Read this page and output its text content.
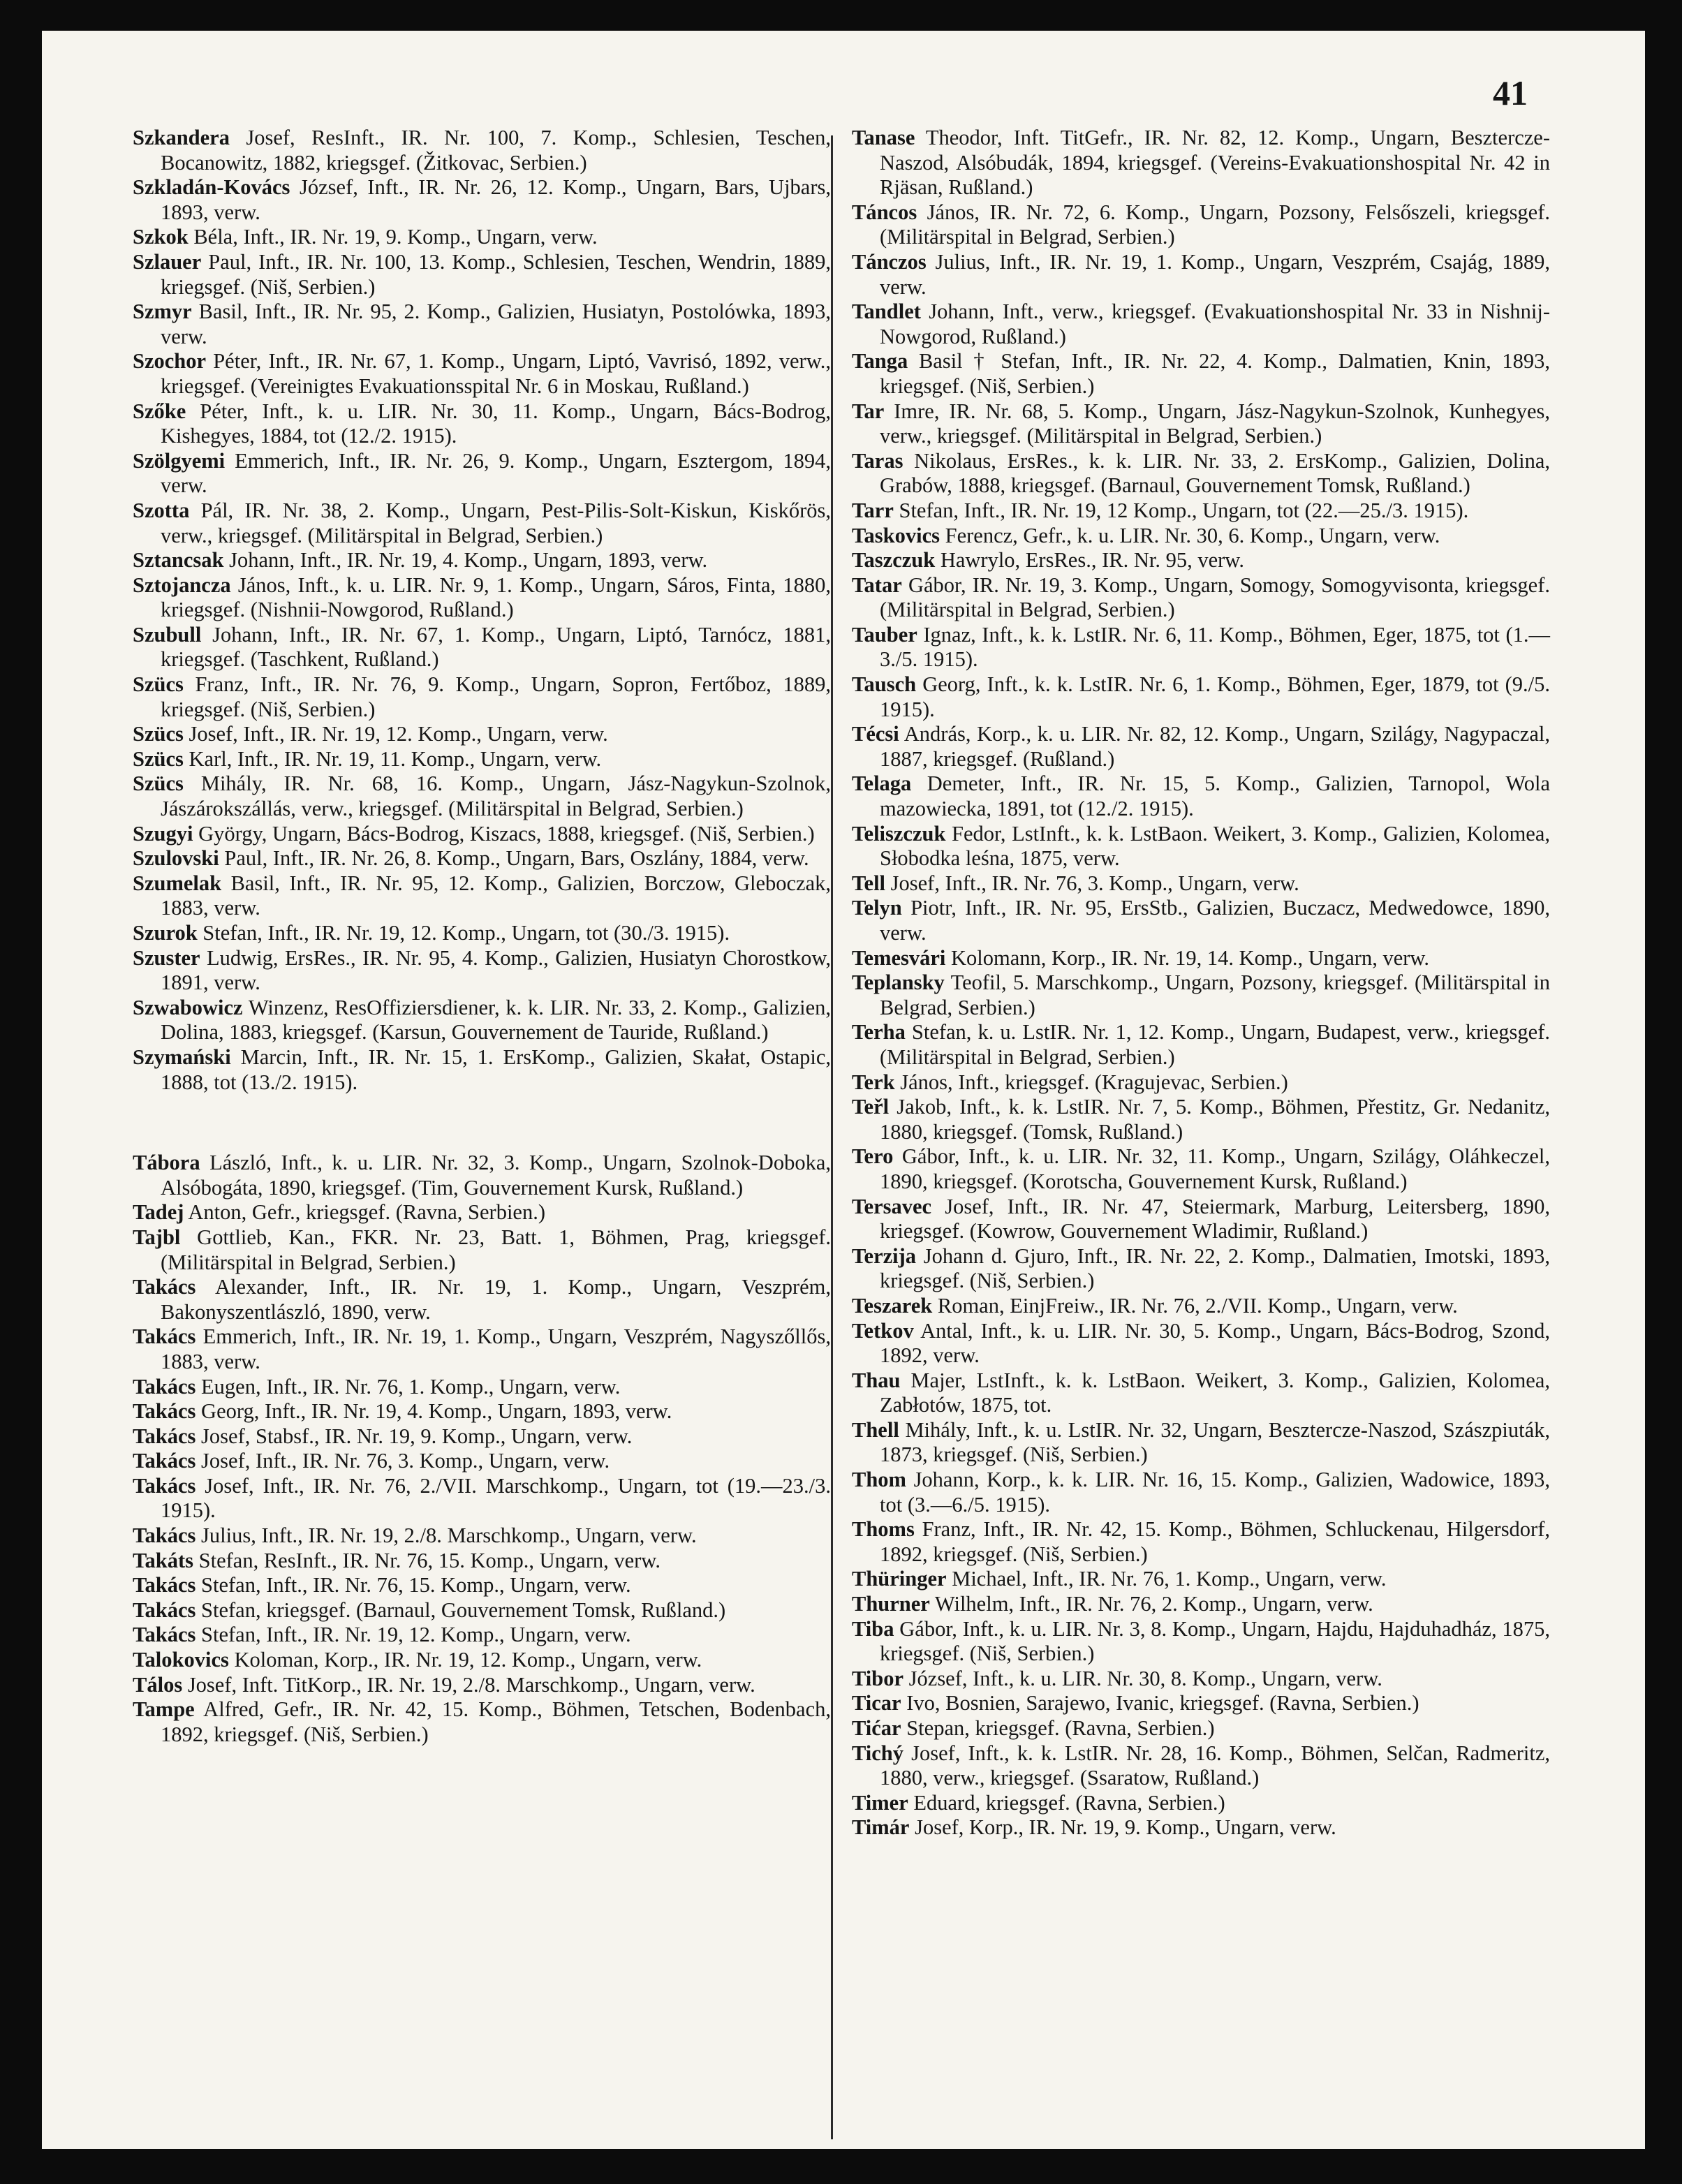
41

Szkandera Josef, ResInft., IR. Nr. 100, 7. Komp., Schlesien, Teschen, Bocanowitz, 1882, kriegsgef. (Žitkovac, Serbien.)

Szkladán-Kovács József, Inft., IR. Nr. 26, 12. Komp., Ungarn, Bars, Ujbars, 1893, verw.

Szkok Béla, Inft., IR. Nr. 19, 9. Komp., Ungarn, verw.

Szlauer Paul, Inft., IR. Nr. 100, 13. Komp., Schlesien, Teschen, Wendrin, 1889, kriegsgef. (Niš, Serbien.)

Szmyr Basil, Inft., IR. Nr. 95, 2. Komp., Galizien, Husiatyn, Postolówka, 1893, verw.

Szochor Péter, Inft., IR. Nr. 67, 1. Komp., Ungarn, Liptó, Vavrisó, 1892, verw., kriegsgef. (Vereinigtes Evakuationsspital Nr. 6 in Moskau, Rußland.)

Szőke Péter, Inft., k. u. LIR. Nr. 30, 11. Komp., Ungarn, Bács-Bodrog, Kishegyes, 1884, tot (12./2. 1915).

Szölgyemi Emmerich, Inft., IR. Nr. 26, 9. Komp., Ungarn, Esztergom, 1894, verw.

Szotta Pál, IR. Nr. 38, 2. Komp., Ungarn, Pest-Pilis-Solt-Kiskun, Kiskőrös, verw., kriegsgef. (Militärspital in Belgrad, Serbien.)

Sztancsak Johann, Inft., IR. Nr. 19, 4. Komp., Ungarn, 1893, verw.

Sztojancza János, Inft., k. u. LIR. Nr. 9, 1. Komp., Ungarn, Sáros, Finta, 1880, kriegsgef. (Nishnii-Nowgorod, Rußland.)

Szubull Johann, Inft., IR. Nr. 67, 1. Komp., Ungarn, Liptó, Tarnócz, 1881, kriegsgef. (Taschkent, Rußland.)

Szücs Franz, Inft., IR. Nr. 76, 9. Komp., Ungarn, Sopron, Fertőboz, 1889, kriegsgef. (Niš, Serbien.)

Szücs Josef, Inft., IR. Nr. 19, 12. Komp., Ungarn, verw.

Szücs Karl, Inft., IR. Nr. 19, 11. Komp., Ungarn, verw.

Szücs Mihály, IR. Nr. 68, 16. Komp., Ungarn, Jász-Nagykun-Szolnok, Jászárokszállás, verw., kriegsgef. (Militärspital in Belgrad, Serbien.)

Szugyi György, Ungarn, Bács-Bodrog, Kiszacs, 1888, kriegsgef. (Niš, Serbien.)

Szulovski Paul, Inft., IR. Nr. 26, 8. Komp., Ungarn, Bars, Oszlány, 1884, verw.

Szumelak Basil, Inft., IR. Nr. 95, 12. Komp., Galizien, Borczow, Gleboczak, 1883, verw.

Szurok Stefan, Inft., IR. Nr. 19, 12. Komp., Ungarn, tot (30./3. 1915).

Szuster Ludwig, ErsRes., IR. Nr. 95, 4. Komp., Galizien, Husiatyn Chorostkow, 1891, verw.

Szwabowicz Winzenz, ResOffiziersdiener, k. k. LIR. Nr. 33, 2. Komp., Galizien, Dolina, 1883, kriegsgef. (Karsun, Gouvernement de Tauride, Rußland.)

Szymański Marcin, Inft., IR. Nr. 15, 1. ErsKomp., Galizien, Skałat, Ostapic, 1888, tot (13./2. 1915).

Tábora László, Inft., k. u. LIR. Nr. 32, 3. Komp., Ungarn, Szolnok-Doboka, Alsóbogáta, 1890, kriegsgef. (Tim, Gouvernement Kursk, Rußland.)

Tadej Anton, Gefr., kriegsgef. (Ravna, Serbien.)

Tajbl Gottlieb, Kan., FKR. Nr. 23, Batt. 1, Böhmen, Prag, kriegsgef. (Militärspital in Belgrad, Serbien.)

Takács Alexander, Inft., IR. Nr. 19, 1. Komp., Ungarn, Veszprém, Bakonyszentlászló, 1890, verw.

Takács Emmerich, Inft., IR. Nr. 19, 1. Komp., Ungarn, Veszprém, Nagyszőllős, 1883, verw.

Takács Eugen, Inft., IR. Nr. 76, 1. Komp., Ungarn, verw.

Takács Georg, Inft., IR. Nr. 19, 4. Komp., Ungarn, 1893, verw.

Takács Josef, Stabsf., IR. Nr. 19, 9. Komp., Ungarn, verw.

Takács Josef, Inft., IR. Nr. 76, 3. Komp., Ungarn, verw.

Takács Josef, Inft., IR. Nr. 76, 2./VII. Marschkomp., Ungarn, tot (19.—23./3. 1915).

Takács Julius, Inft., IR. Nr. 19, 2./8. Marschkomp., Ungarn, verw.

Takáts Stefan, ResInft., IR. Nr. 76, 15. Komp., Ungarn, verw.

Takács Stefan, Inft., IR. Nr. 76, 15. Komp., Ungarn, verw.

Takács Stefan, kriegsgef. (Barnaul, Gouvernement Tomsk, Rußland.)

Takács Stefan, Inft., IR. Nr. 19, 12. Komp., Ungarn, verw.

Talokovics Koloman, Korp., IR. Nr. 19, 12. Komp., Ungarn, verw.

Tálos Josef, Inft. TitKorp., IR. Nr. 19, 2./8. Marschkomp., Ungarn, verw.

Tampe Alfred, Gefr., IR. Nr. 42, 15. Komp., Böhmen, Tetschen, Bodenbach, 1892, kriegsgef. (Niš, Serbien.)

Tanase Theodor, Inft. TitGefr., IR. Nr. 82, 12. Komp., Ungarn, Besztercze-Naszod, Alsóbudák, 1894, kriegsgef. (Vereins-Evakuationshospital Nr. 42 in Rjäsan, Rußland.)

Táncos János, IR. Nr. 72, 6. Komp., Ungarn, Pozsony, Felsőszeli, kriegsgef. (Militärspital in Belgrad, Serbien.)

Tánczos Julius, Inft., IR. Nr. 19, 1. Komp., Ungarn, Veszprém, Csajág, 1889, verw.

Tandlet Johann, Inft., verw., kriegsgef. (Evakuationshospital Nr. 33 in Nishnij-Nowgorod, Rußland.)

Tanga Basil † Stefan, Inft., IR. Nr. 22, 4. Komp., Dalmatien, Knin, 1893, kriegsgef. (Niš, Serbien.)

Tar Imre, IR. Nr. 68, 5. Komp., Ungarn, Jász-Nagykun-Szolnok, Kunhegyes, verw., kriegsgef. (Militärspital in Belgrad, Serbien.)

Taras Nikolaus, ErsRes., k. k. LIR. Nr. 33, 2. ErsKomp., Galizien, Dolina, Grabów, 1888, kriegsgef. (Barnaul, Gouvernement Tomsk, Rußland.)

Tarr Stefan, Inft., IR. Nr. 19, 12 Komp., Ungarn, tot (22.—25./3. 1915).

Taskovics Ferencz, Gefr., k. u. LIR. Nr. 30, 6. Komp., Ungarn, verw.

Taszczuk Hawrylo, ErsRes., IR. Nr. 95, verw.

Tatar Gábor, IR. Nr. 19, 3. Komp., Ungarn, Somogy, Somogyvisonta, kriegsgef. (Militärspital in Belgrad, Serbien.)

Tauber Ignaz, Inft., k. k. LstIR. Nr. 6, 11. Komp., Böhmen, Eger, 1875, tot (1.—3./5. 1915).

Tausch Georg, Inft., k. k. LstIR. Nr. 6, 1. Komp., Böhmen, Eger, 1879, tot (9./5. 1915).

Técsi András, Korp., k. u. LIR. Nr. 82, 12. Komp., Ungarn, Szilágy, Nagypaczal, 1887, kriegsgef. (Rußland.)

Telaga Demeter, Inft., IR. Nr. 15, 5. Komp., Galizien, Tarnopol, Wola mazowiecka, 1891, tot (12./2. 1915).

Teliszczuk Fedor, LstInft., k. k. LstBaon. Weikert, 3. Komp., Galizien, Kolomea, Słobodka leśna, 1875, verw.

Tell Josef, Inft., IR. Nr. 76, 3. Komp., Ungarn, verw.

Telyn Piotr, Inft., IR. Nr. 95, ErsStb., Galizien, Buczacz, Medwedowce, 1890, verw.

Temesvári Kolomann, Korp., IR. Nr. 19, 14. Komp., Ungarn, verw.

Teplansky Teofil, 5. Marschkomp., Ungarn, Pozsony, kriegsgef. (Militärspital in Belgrad, Serbien.)

Terha Stefan, k. u. LstIR. Nr. 1, 12. Komp., Ungarn, Budapest, verw., kriegsgef. (Militärspital in Belgrad, Serbien.)

Terk János, Inft., kriegsgef. (Kragujevac, Serbien.)

Teřl Jakob, Inft., k. k. LstIR. Nr. 7, 5. Komp., Böhmen, Přestitz, Gr. Nedanitz, 1880, kriegsgef. (Tomsk, Rußland.)

Tero Gábor, Inft., k. u. LIR. Nr. 32, 11. Komp., Ungarn, Szilágy, Oláhkeczel, 1890, kriegsgef. (Korotscha, Gouvernement Kursk, Rußland.)

Tersavec Josef, Inft., IR. Nr. 47, Steiermark, Marburg, Leitersberg, 1890, kriegsgef. (Kowrow, Gouvernement Wladimir, Rußland.)

Terzija Johann d. Gjuro, Inft., IR. Nr. 22, 2. Komp., Dalmatien, Imotski, 1893, kriegsgef. (Niš, Serbien.)

Teszarek Roman, EinjFreiw., IR. Nr. 76, 2./VII. Komp., Ungarn, verw.

Tetkov Antal, Inft., k. u. LIR. Nr. 30, 5. Komp., Ungarn, Bács-Bodrog, Szond, 1892, verw.

Thau Majer, LstInft., k. k. LstBaon. Weikert, 3. Komp., Galizien, Kolomea, Zabłotów, 1875, tot.

Thell Mihály, Inft., k. u. LstIR. Nr. 32, Ungarn, Besztercze-Naszod, Szászpiuták, 1873, kriegsgef. (Niš, Serbien.)

Thom Johann, Korp., k. k. LIR. Nr. 16, 15. Komp., Galizien, Wadowice, 1893, tot (3.—6./5. 1915).

Thoms Franz, Inft., IR. Nr. 42, 15. Komp., Böhmen, Schluckenau, Hilgersdorf, 1892, kriegsgef. (Niš, Serbien.)

Thüringer Michael, Inft., IR. Nr. 76, 1. Komp., Ungarn, verw.

Thurner Wilhelm, Inft., IR. Nr. 76, 2. Komp., Ungarn, verw.

Tiba Gábor, Inft., k. u. LIR. Nr. 3, 8. Komp., Ungarn, Hajdu, Hajduhadház, 1875, kriegsgef. (Niš, Serbien.)

Tibor József, Inft., k. u. LIR. Nr. 30, 8. Komp., Ungarn, verw.

Ticar Ivo, Bosnien, Sarajewo, Ivanic, kriegsgef. (Ravna, Serbien.)

Tićar Stepan, kriegsgef. (Ravna, Serbien.)

Tichý Josef, Inft., k. k. LstIR. Nr. 28, 16. Komp., Böhmen, Selčan, Radmeritz, 1880, verw., kriegsgef. (Ssaratow, Rußland.)

Timer Eduard, kriegsgef. (Ravna, Serbien.)

Timár Josef, Korp., IR. Nr. 19, 9. Komp., Ungarn, verw.
